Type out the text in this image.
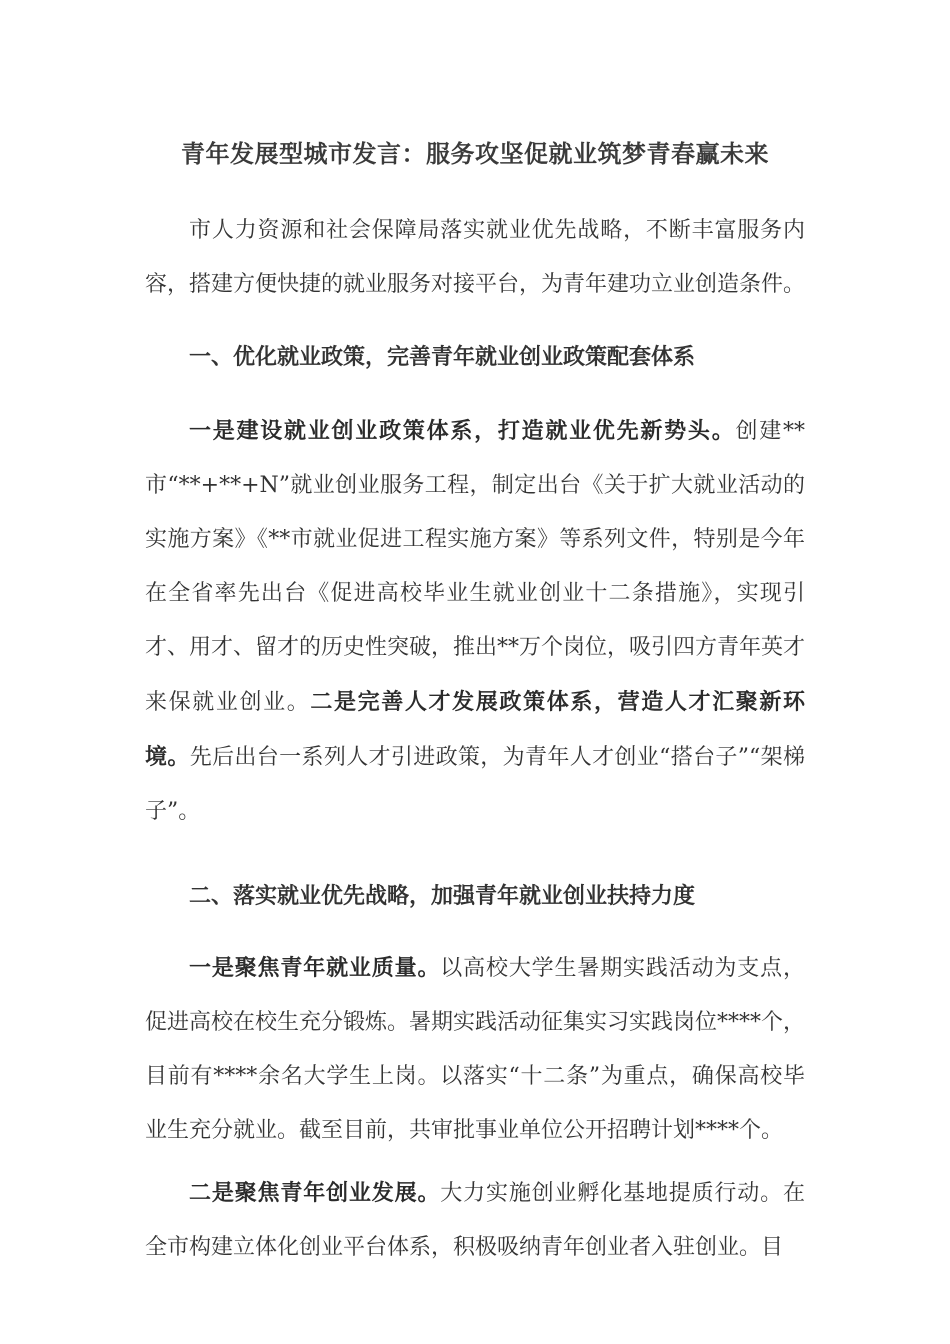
青年发展型城市发言：服务攻坚促就业筑梦青春赢未来

市人力资源和社会保障局落实就业优先战略，不断丰富服务内容，搭建方便快捷的就业服务对接平台，为青年建功立业创造条件。

一、优化就业政策，完善青年就业创业政策配套体系

一是建设就业创业政策体系，打造就业优先新势头。创建**市“**+**+N”就业创业服务工程，制定出台《关于扩大就业活动的实施方案》《**市就业促进工程实施方案》等系列文件，特别是今年在全省率先出台《促进高校毕业生就业创业十二条措施》，实现引才、用才、留才的历史性突破，推出**万个岗位，吸引四方青年英才来保就业创业。二是完善人才发展政策体系，营造人才汇聚新环境。先后出台一系列人才引进政策，为青年人才创业“搭台子”“架梯子”。

二、落实就业优先战略，加强青年就业创业扶持力度

一是聚焦青年就业质量。以高校大学生暑期实践活动为支点，促进高校在校生充分锻炼。暑期实践活动征集实习实践岗位****个，目前有****余名大学生上岗。以落实“十二条”为重点，确保高校毕业生充分就业。截至目前，共审批事业单位公开招聘计划****个。

二是聚焦青年创业发展。大力实施创业孵化基地提质行动。在全市构建立体化创业平台体系，积极吸纳青年创业者入驻创业。目
